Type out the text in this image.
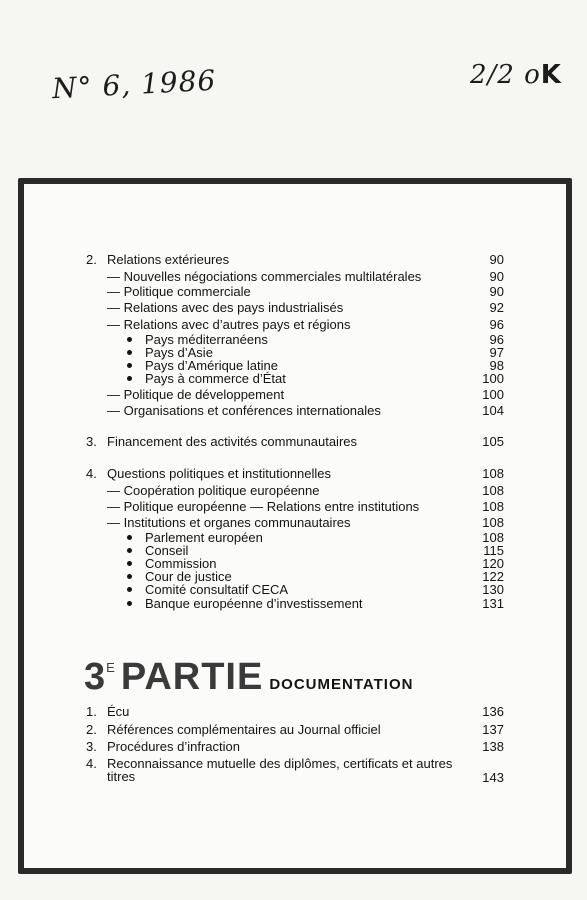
N° 6, 1986	2/2 oK
2. Relations extérieures	90
— Nouvelles négociations commerciales multilatérales	90
— Politique commerciale	90
— Relations avec des pays industrialisés	92
— Relations avec d’autres pays et régions	96
Pays méditerranéens	96
Pays d’Asie	97
Pays d’Amérique latine	98
Pays à commerce d’État	100
— Politique de développement	100
— Organisations et conférences internationales	104
3. Financement des activités communautaires	105
4. Questions politiques et institutionnelles	108
— Coopération politique européenne	108
— Politique européenne — Relations entre institutions	108
— Institutions et organes communautaires	108
Parlement européen	108
Conseil	115
Commission	120
Cour de justice	122
Comité consultatif CECA	130
Banque européenne d’investissement	131
$3^E$ PARTIE DOCUMENTATION
1. Écu	136
2. Références complémentaires au Journal officiel	137
3. Procédures d’infraction	138
4. Reconnaissance mutuelle des diplômes, certificats et autres
titres	143
